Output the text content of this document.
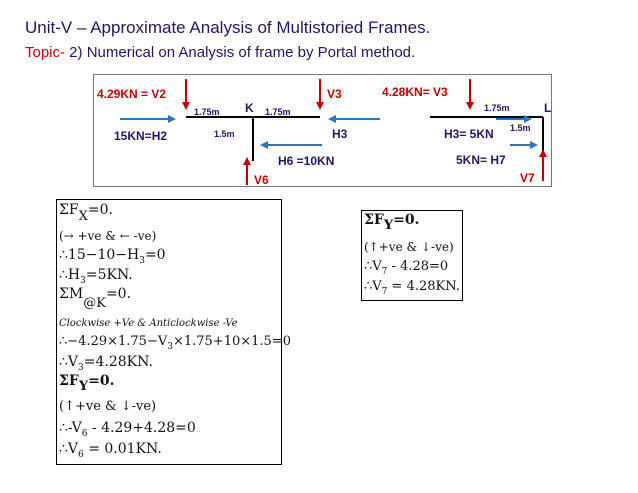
Unit-V – Approximate Analysis of Multistoried Frames.
Topic- 2) Numerical on Analysis of frame by Portal method.
4.29KN = V2
1.75m K 1.75m
V3
15KN=H2	1.5m	H3
H6 =10KN
V6
4.28KN= V3
1.75m	L
1.5m
H3= 5KN
5KN= H7
V7
ΣFX=0.
(→ +ve & ← -ve)
$\therefore 15-10-H_3=0$
$\therefore H_3=5KN$.
ΣM@K=0.
Clockwise +Ve & Anticlockwise -Ve
$\therefore-4.29\times 1.75-V_3\times 1.75+10\times 1.5=0$
$\therefore V_3=4.28KN$.
ΣFY=0.
(↑+ve & ↓-ve)
$\therefore-V_6 - 4.29+4.28=0$
$\therefore V_6 = 0.01KN$.
ΣFY=0.
(↑+ve & ↓-ve)
$\therefore V_7 - 4.28=0$
$\therefore V_7 = 4.28KN$.
